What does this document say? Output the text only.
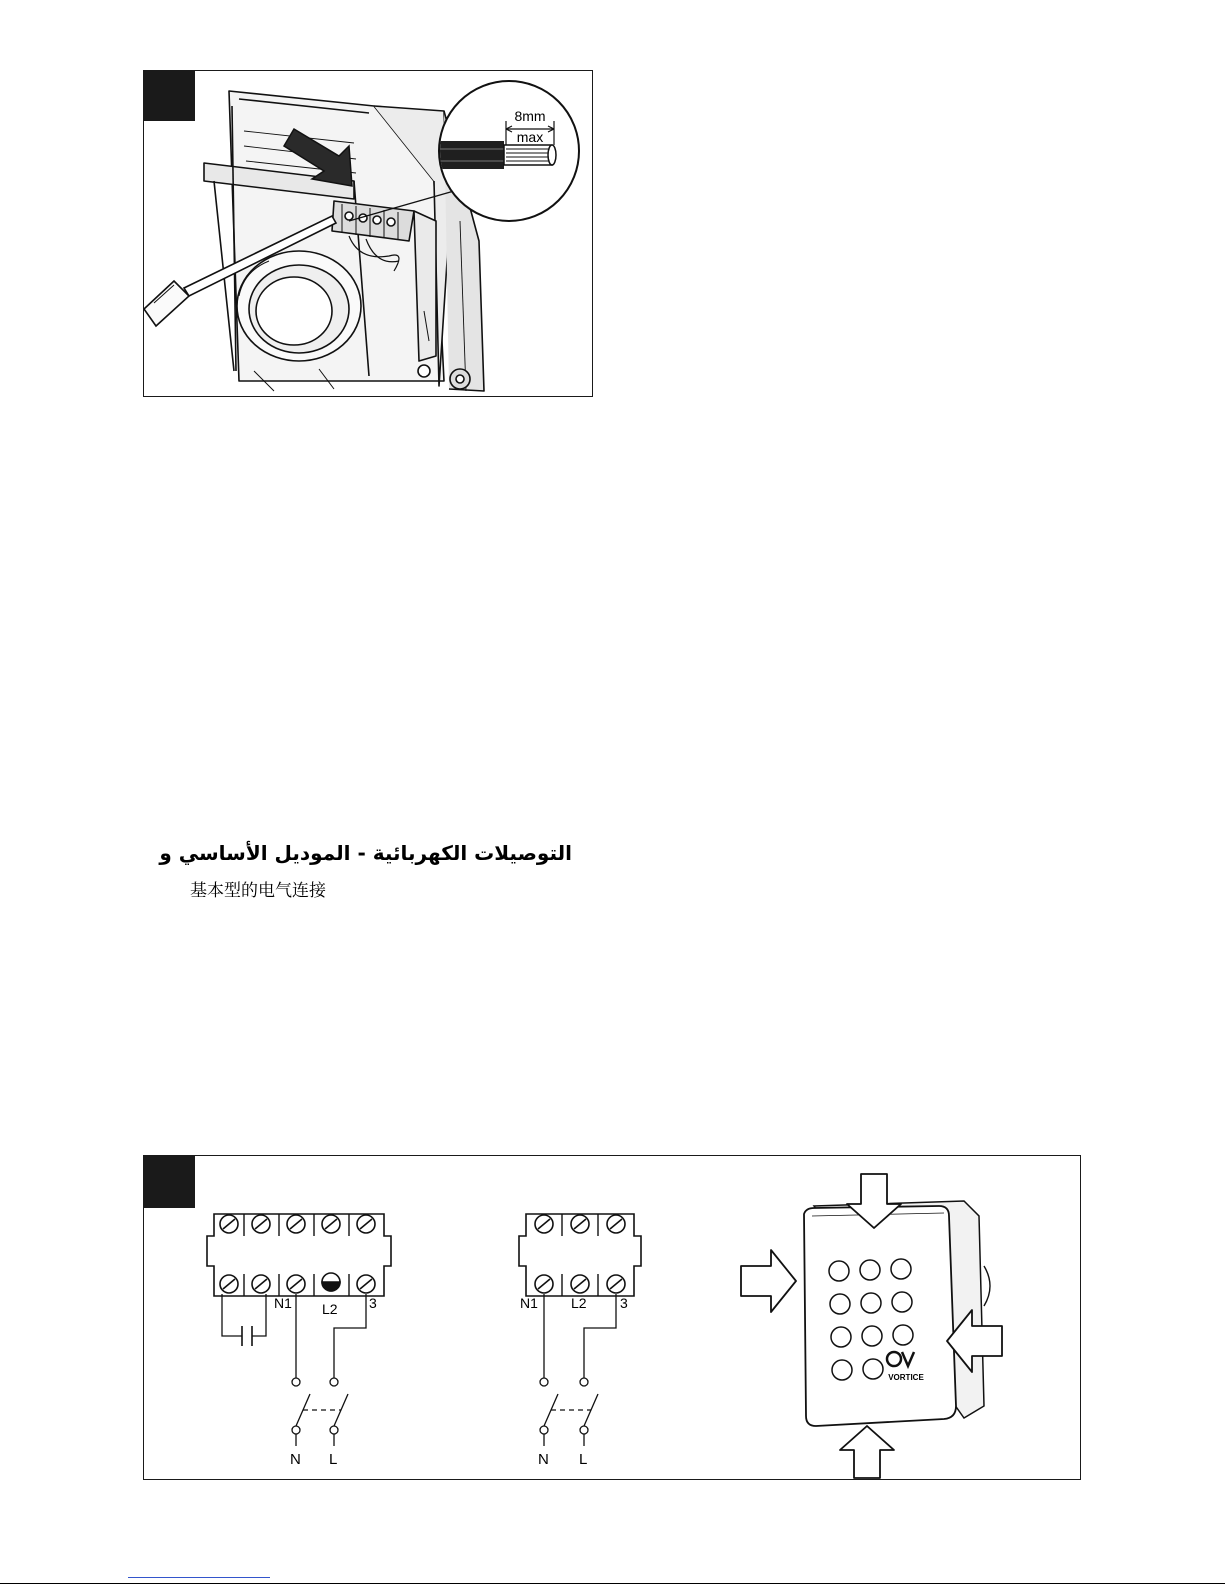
8mm
max
التوصيلات الكهربائية - الموديل الأساسي و
基本型的电气连接
N1 L2 3
N L
N1 L2 3
N L
VORTICE
